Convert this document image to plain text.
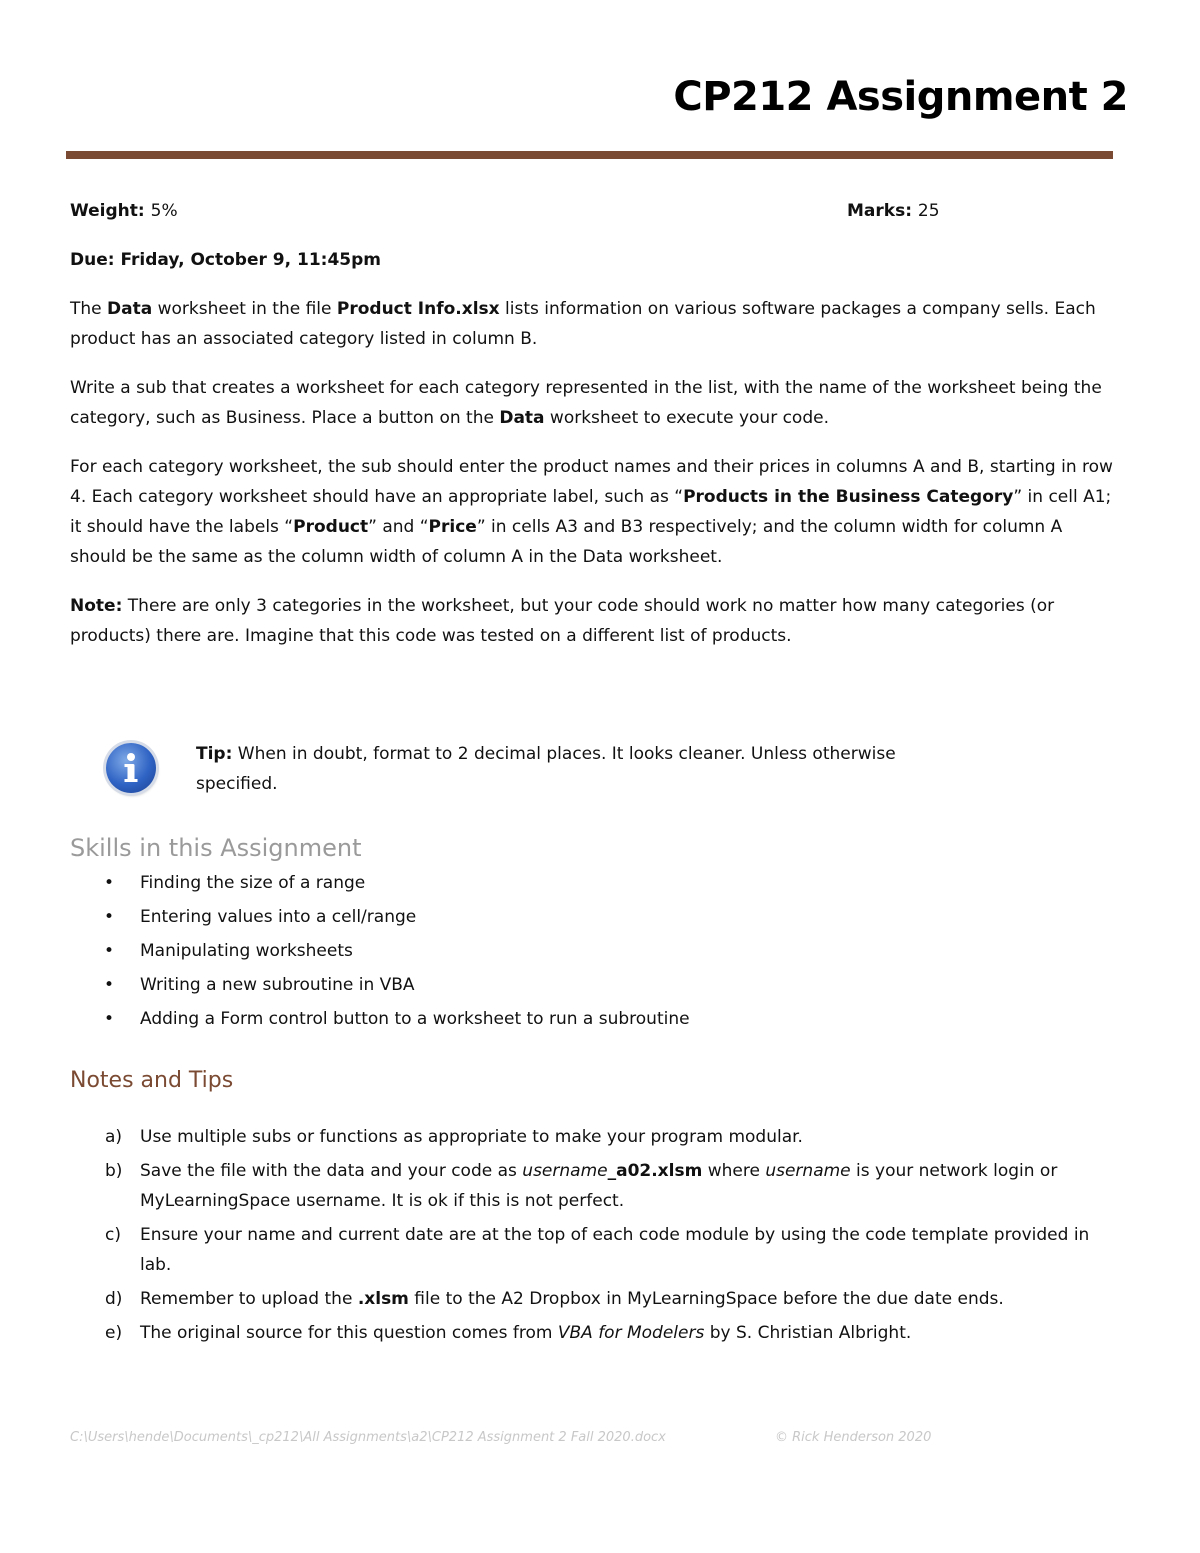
CP212 Assignment 2
Weight: 5%	Marks: 25

Due: Friday, October 9, 11:45pm

The Data worksheet in the file Product Info.xlsx lists information on various software packages a company sells. Each product has an associated category listed in column B.

Write a sub that creates a worksheet for each category represented in the list, with the name of the worksheet being the category, such as Business. Place a button on the Data worksheet to execute your code.

For each category worksheet, the sub should enter the product names and their prices in columns A and B, starting in row 4. Each category worksheet should have an appropriate label, such as “Products in the Business Category” in cell A1; it should have the labels “Product” and “Price” in cells A3 and B3 respectively; and the column width for column A should be the same as the column width of column A in the Data worksheet.

Note: There are only 3 categories in the worksheet, but your code should work no matter how many categories (or products) there are. Imagine that this code was tested on a different list of products.

Tip: When in doubt, format to 2 decimal places. It looks cleaner. Unless otherwise specified.

Skills in this Assignment
• Finding the size of a range
• Entering values into a cell/range
• Manipulating worksheets
• Writing a new subroutine in VBA
• Adding a Form control button to a worksheet to run a subroutine
Notes and Tips
a) Use multiple subs or functions as appropriate to make your program modular.
b) Save the file with the data and your code as username_a02.xlsm where username is your network login or MyLearningSpace username. It is ok if this is not perfect.
c) Ensure your name and current date are at the top of each code module by using the code template provided in lab.
d) Remember to upload the .xlsm file to the A2 Dropbox in MyLearningSpace before the due date ends.
e) The original source for this question comes from VBA for Modelers by S. Christian Albright.
C:\Users\hende\Documents\_cp212\All Assignments\a2\CP212 Assignment 2 Fall 2020.docx	© Rick Henderson 2020
